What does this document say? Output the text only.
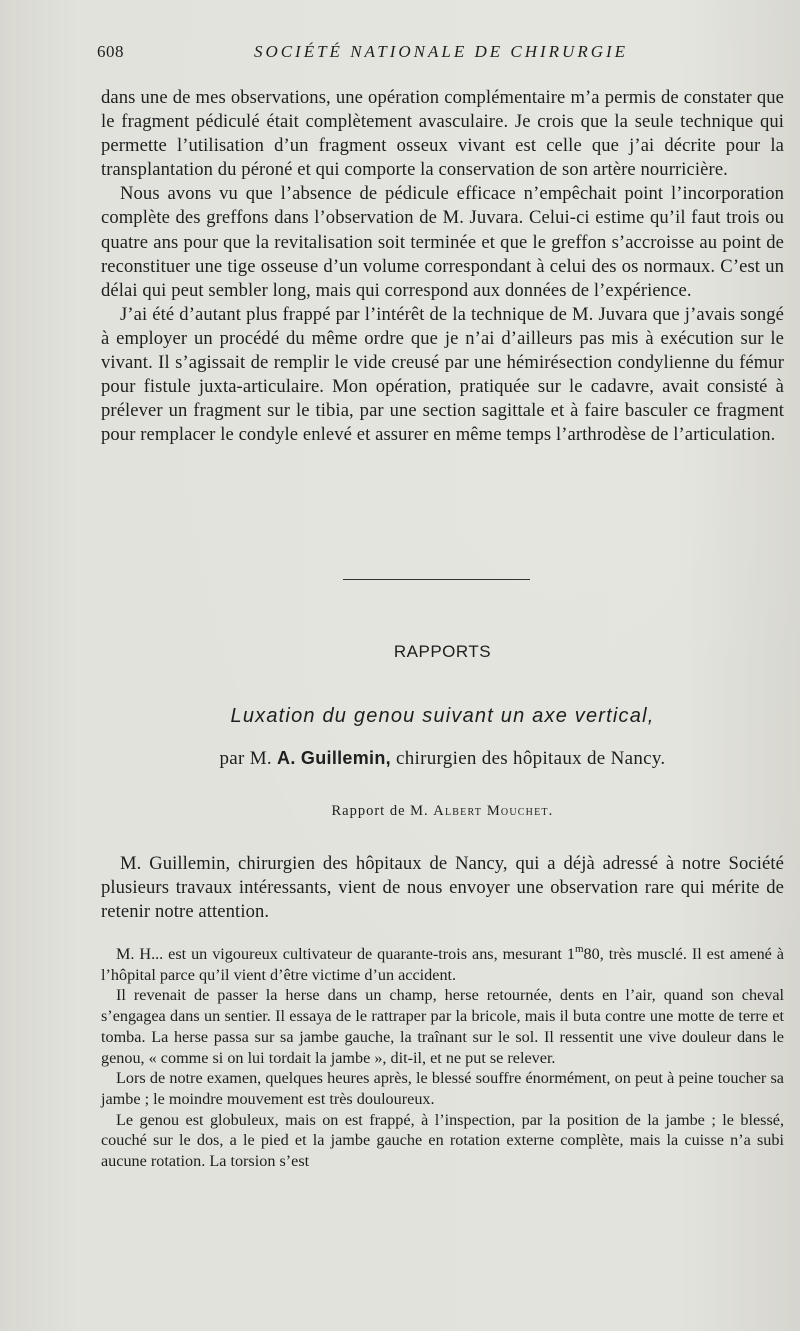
608	SOCIÉTÉ NATIONALE DE CHIRURGIE

dans une de mes observations, une opération complémentaire m’a permis de constater que le fragment pédiculé était complètement avasculaire. Je crois que la seule technique qui permette l’utilisation d’un fragment osseux vivant est celle que j’ai décrite pour la transplantation du péroné et qui comporte la conservation de son artère nourricière.

Nous avons vu que l’absence de pédicule efficace n’empêchait point l’incorporation complète des greffons dans l’observation de M. Juvara. Celui-ci estime qu’il faut trois ou quatre ans pour que la revitalisation soit terminée et que le greffon s’accroisse au point de reconstituer une tige osseuse d’un volume correspondant à celui des os normaux. C’est un délai qui peut sembler long, mais qui correspond aux données de l’expérience.

J’ai été d’autant plus frappé par l’intérêt de la technique de M. Juvara que j’avais songé à employer un procédé du même ordre que je n’ai d’ailleurs pas mis à exécution sur le vivant. Il s’agissait de remplir le vide creusé par une hémirésection condylienne du fémur pour fistule juxta-articulaire. Mon opération, pratiquée sur le cadavre, avait consisté à prélever un fragment sur le tibia, par une section sagittale et à faire basculer ce fragment pour remplacer le condyle enlevé et assurer en même temps l’arthrodèse de l’articulation.

RAPPORTS
Luxation du genou suivant un axe vertical,
par M. A. Guillemin, chirurgien des hôpitaux de Nancy.
Rapport de M. Albert Mouchet.

M. Guillemin, chirurgien des hôpitaux de Nancy, qui a déjà adressé à notre Société plusieurs travaux intéressants, vient de nous envoyer une observation rare qui mérite de retenir notre attention.

M. H... est un vigoureux cultivateur de quarante-trois ans, mesurant 1$^m$80, très musclé. Il est amené à l’hôpital parce qu’il vient d’être victime d’un accident.

Il revenait de passer la herse dans un champ, herse retournée, dents en l’air, quand son cheval s’engagea dans un sentier. Il essaya de le rattraper par la bricole, mais il buta contre une motte de terre et tomba. La herse passa sur sa jambe gauche, la traînant sur le sol. Il ressentit une vive douleur dans le genou, « comme si on lui tordait la jambe », dit-il, et ne put se relever.

Lors de notre examen, quelques heures après, le blessé souffre énormément, on peut à peine toucher sa jambe ; le moindre mouvement est très douloureux.

Le genou est globuleux, mais on est frappé, à l’inspection, par la position de la jambe ; le blessé, couché sur le dos, a le pied et la jambe gauche en rotation externe complète, mais la cuisse n’a subi aucune rotation. La torsion s’est
